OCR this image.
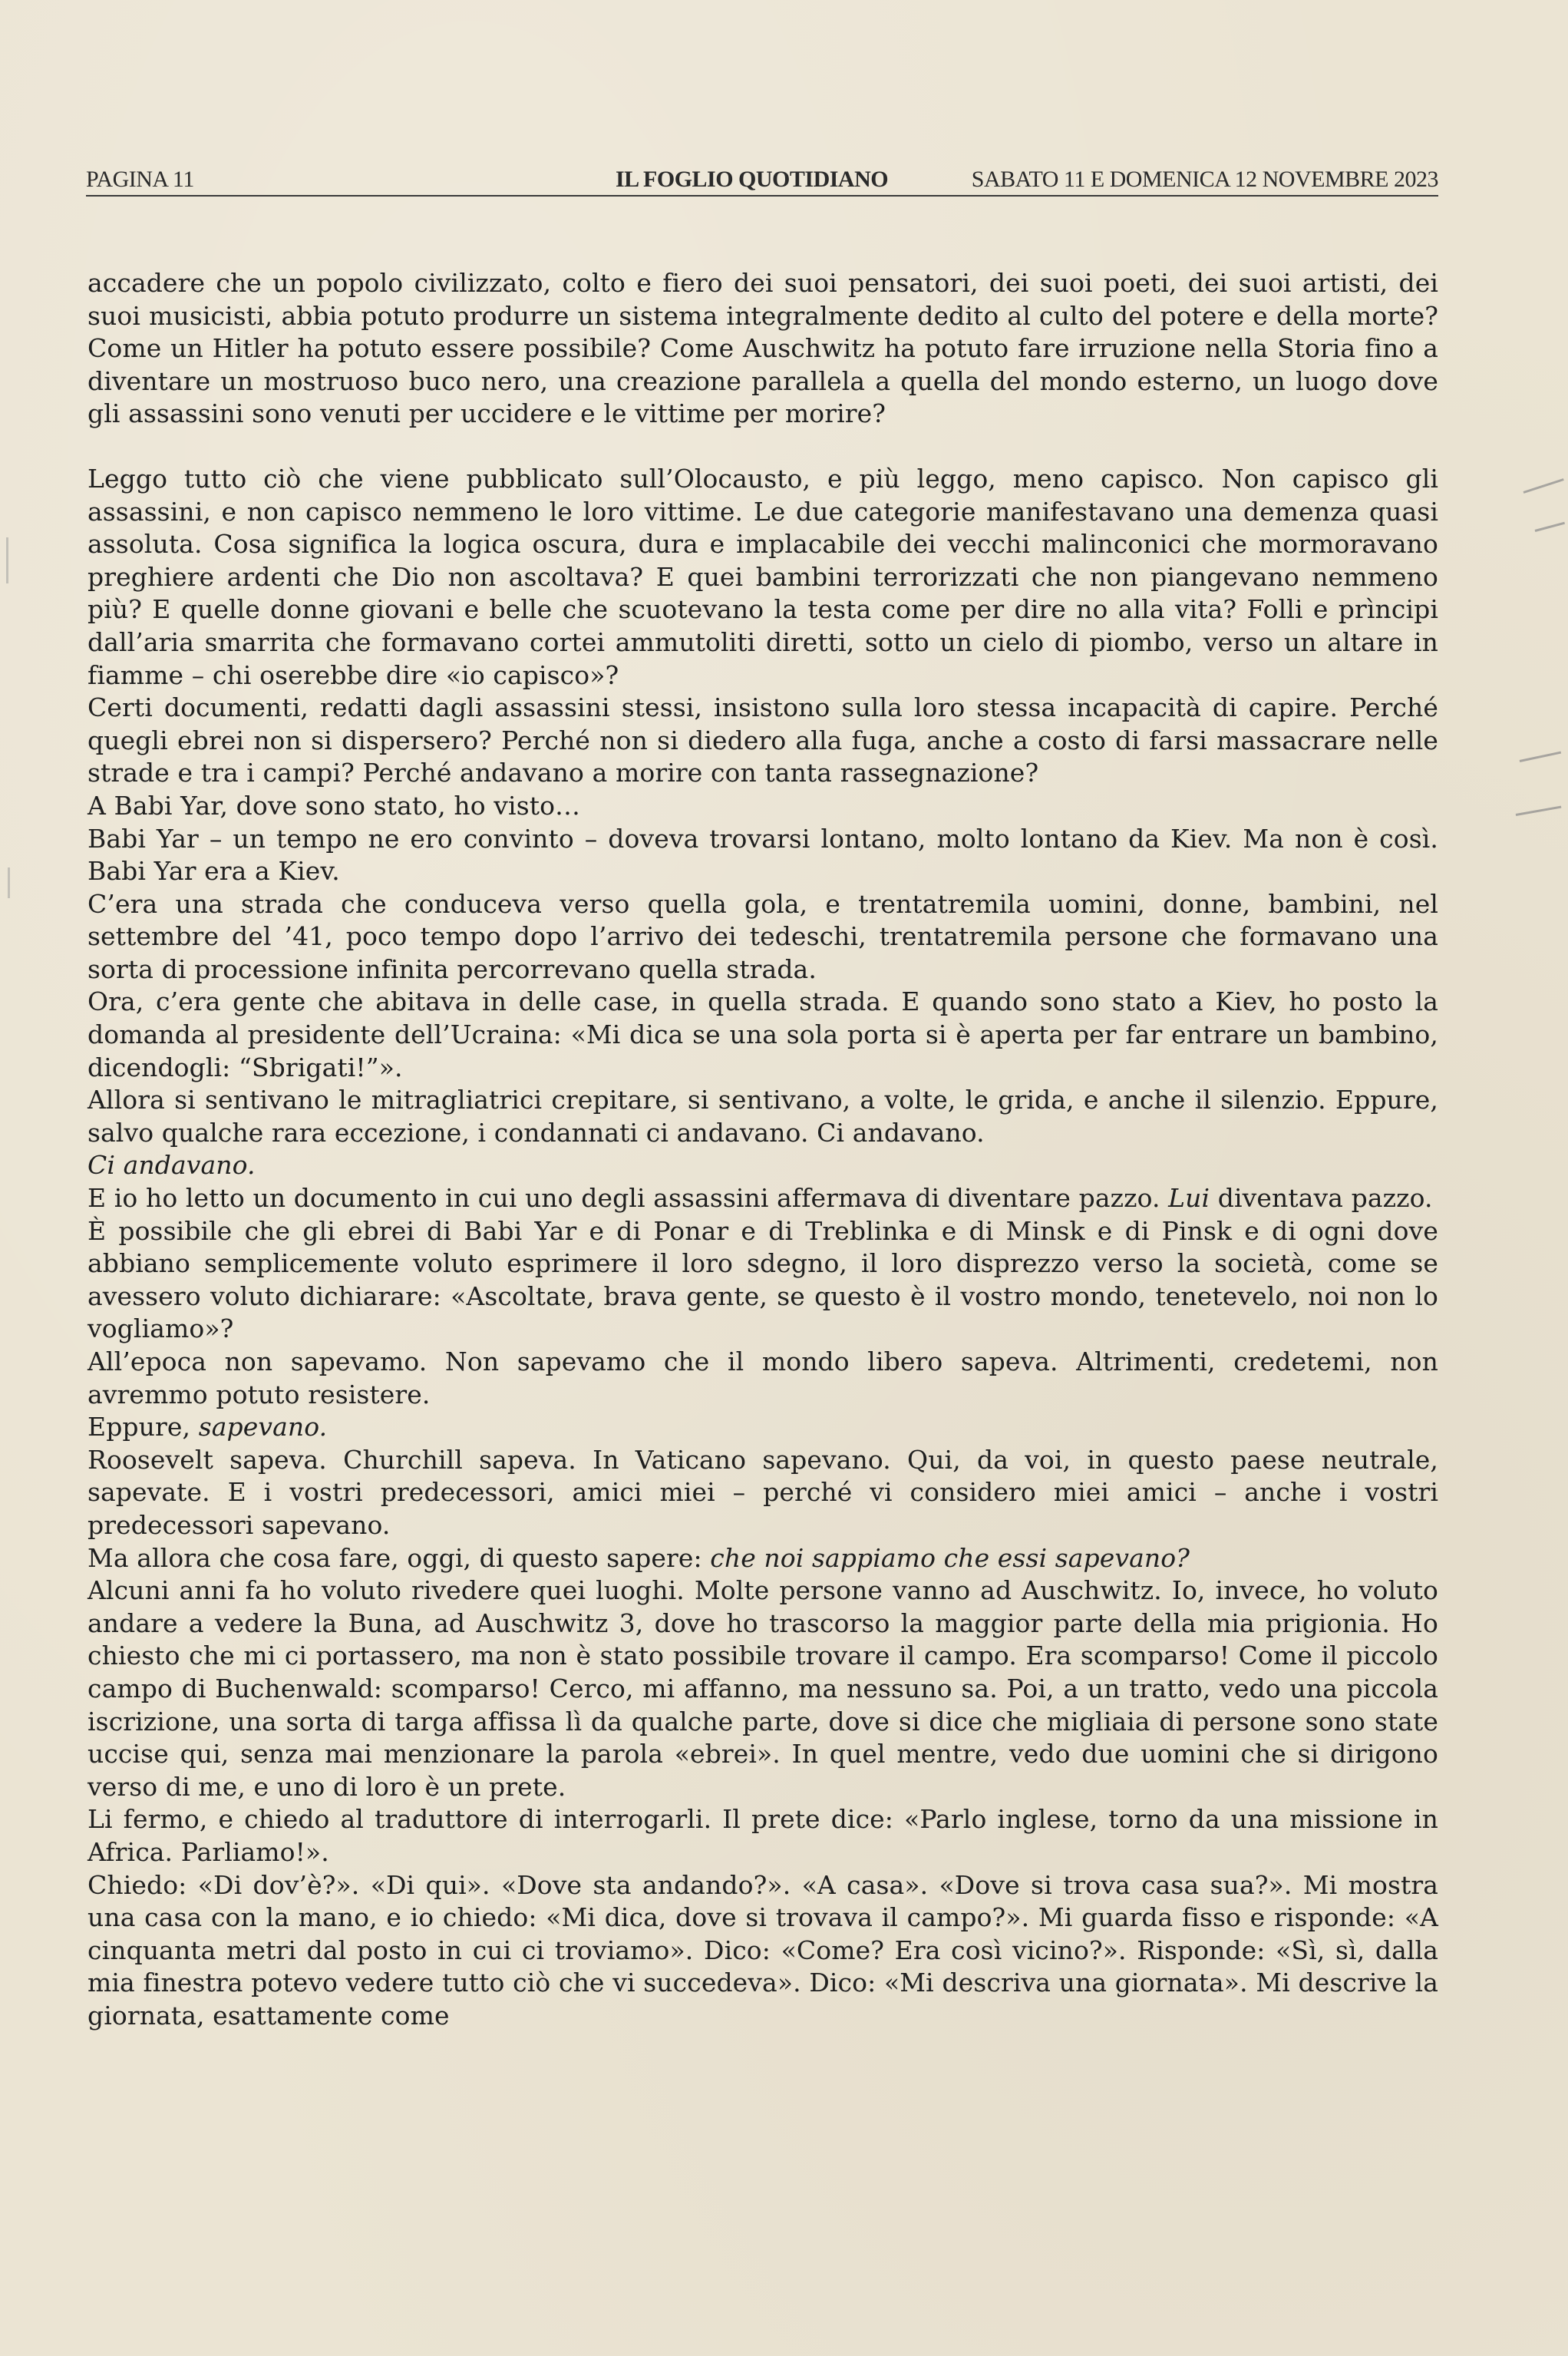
PAGINA 11	IL FOGLIO QUOTIDIANO	SABATO 11 E DOMENICA 12 NOVEMBRE 2023

accadere che un popolo civilizzato, colto e fiero dei suoi pensatori, dei suoi poeti, dei suoi artisti, dei suoi musicisti, abbia potuto produrre un sistema integralmente dedito al culto del potere e della morte? Come un Hitler ha potuto essere possibile? Come Auschwitz ha potuto fare irruzione nella Storia fino a diventare un mostruoso buco nero, una creazione parallela a quella del mondo esterno, un luogo dove gli assassini sono venuti per uccidere e le vittime per morire?

Leggo tutto ciò che viene pubblicato sull’Olocausto, e più leggo, meno capisco. Non capisco gli assassini, e non capisco nemmeno le loro vittime. Le due categorie manifestavano una demenza quasi assoluta. Cosa significa la logica oscura, dura e implacabile dei vecchi malinconici che mormoravano preghiere ardenti che Dio non ascoltava? E quei bambini terrorizzati che non piangevano nemmeno più? E quelle donne giovani e belle che scuotevano la testa come per dire no alla vita? Folli e prìncipi dall’aria smarrita che formavano cortei ammutoliti diretti, sotto un cielo di piombo, verso un altare in fiamme – chi oserebbe dire «io capisco»?

Certi documenti, redatti dagli assassini stessi, insistono sulla loro stessa incapacità di capire. Perché quegli ebrei non si dispersero? Perché non si diedero alla fuga, anche a costo di farsi massacrare nelle strade e tra i campi? Perché andavano a morire con tanta rassegnazione?

A Babi Yar, dove sono stato, ho visto…

Babi Yar – un tempo ne ero convinto – doveva trovarsi lontano, molto lontano da Kiev. Ma non è così. Babi Yar era a Kiev.

C’era una strada che conduceva verso quella gola, e trentatremila uomini, donne, bambini, nel settembre del ’41, poco tempo dopo l’arrivo dei tedeschi, trentatremila persone che formavano una sorta di processione infinita percorrevano quella strada.

Ora, c’era gente che abitava in delle case, in quella strada. E quando sono stato a Kiev, ho posto la domanda al presidente dell’Ucraina: «Mi dica se una sola porta si è aperta per far entrare un bambino, dicendogli: “Sbrigati!”».

Allora si sentivano le mitragliatrici crepitare, si sentivano, a volte, le grida, e anche il silenzio. Eppure, salvo qualche rara eccezione, i condannati ci andavano. Ci andavano.

Ci andavano.

E io ho letto un documento in cui uno degli assassini affermava di diventare pazzo. Lui diventava pazzo.

È possibile che gli ebrei di Babi Yar e di Ponar e di Treblinka e di Minsk e di Pinsk e di ogni dove abbiano semplicemente voluto esprimere il loro sdegno, il loro disprezzo verso la società, come se avessero voluto dichiarare: «Ascoltate, brava gente, se questo è il vostro mondo, tenetevelo, noi non lo vogliamo»?

All’epoca non sapevamo. Non sapevamo che il mondo libero sapeva. Altrimenti, credetemi, non avremmo potuto resistere.

Eppure, sapevano.

Roosevelt sapeva. Churchill sapeva. In Vaticano sapevano. Qui, da voi, in questo paese neutrale, sapevate. E i vostri predecessori, amici miei – perché vi considero miei amici – anche i vostri predecessori sapevano.

Ma allora che cosa fare, oggi, di questo sapere: che noi sappiamo che essi sapevano?

Alcuni anni fa ho voluto rivedere quei luoghi. Molte persone vanno ad Auschwitz. Io, invece, ho voluto andare a vedere la Buna, ad Auschwitz 3, dove ho trascorso la maggior parte della mia prigionia. Ho chiesto che mi ci portassero, ma non è stato possibile trovare il campo. Era scomparso! Come il piccolo campo di Buchenwald: scomparso! Cerco, mi affanno, ma nessuno sa. Poi, a un tratto, vedo una piccola iscrizione, una sorta di targa affissa lì da qualche parte, dove si dice che migliaia di persone sono state uccise qui, senza mai menzionare la parola «ebrei». In quel mentre, vedo due uomini che si dirigono verso di me, e uno di loro è un prete.

Li fermo, e chiedo al traduttore di interrogarli. Il prete dice: «Parlo inglese, torno da una missione in Africa. Parliamo!».

Chiedo: «Di dov’è?». «Di qui». «Dove sta andando?». «A casa». «Dove si trova casa sua?». Mi mostra una casa con la mano, e io chiedo: «Mi dica, dove si trovava il campo?». Mi guarda fisso e risponde: «A cinquanta metri dal posto in cui ci troviamo». Dico: «Come? Era così vicino?». Risponde: «Sì, sì, dalla mia finestra potevo vedere tutto ciò che vi succedeva». Dico: «Mi descriva una giornata». Mi descrive la giornata, esattamente come
